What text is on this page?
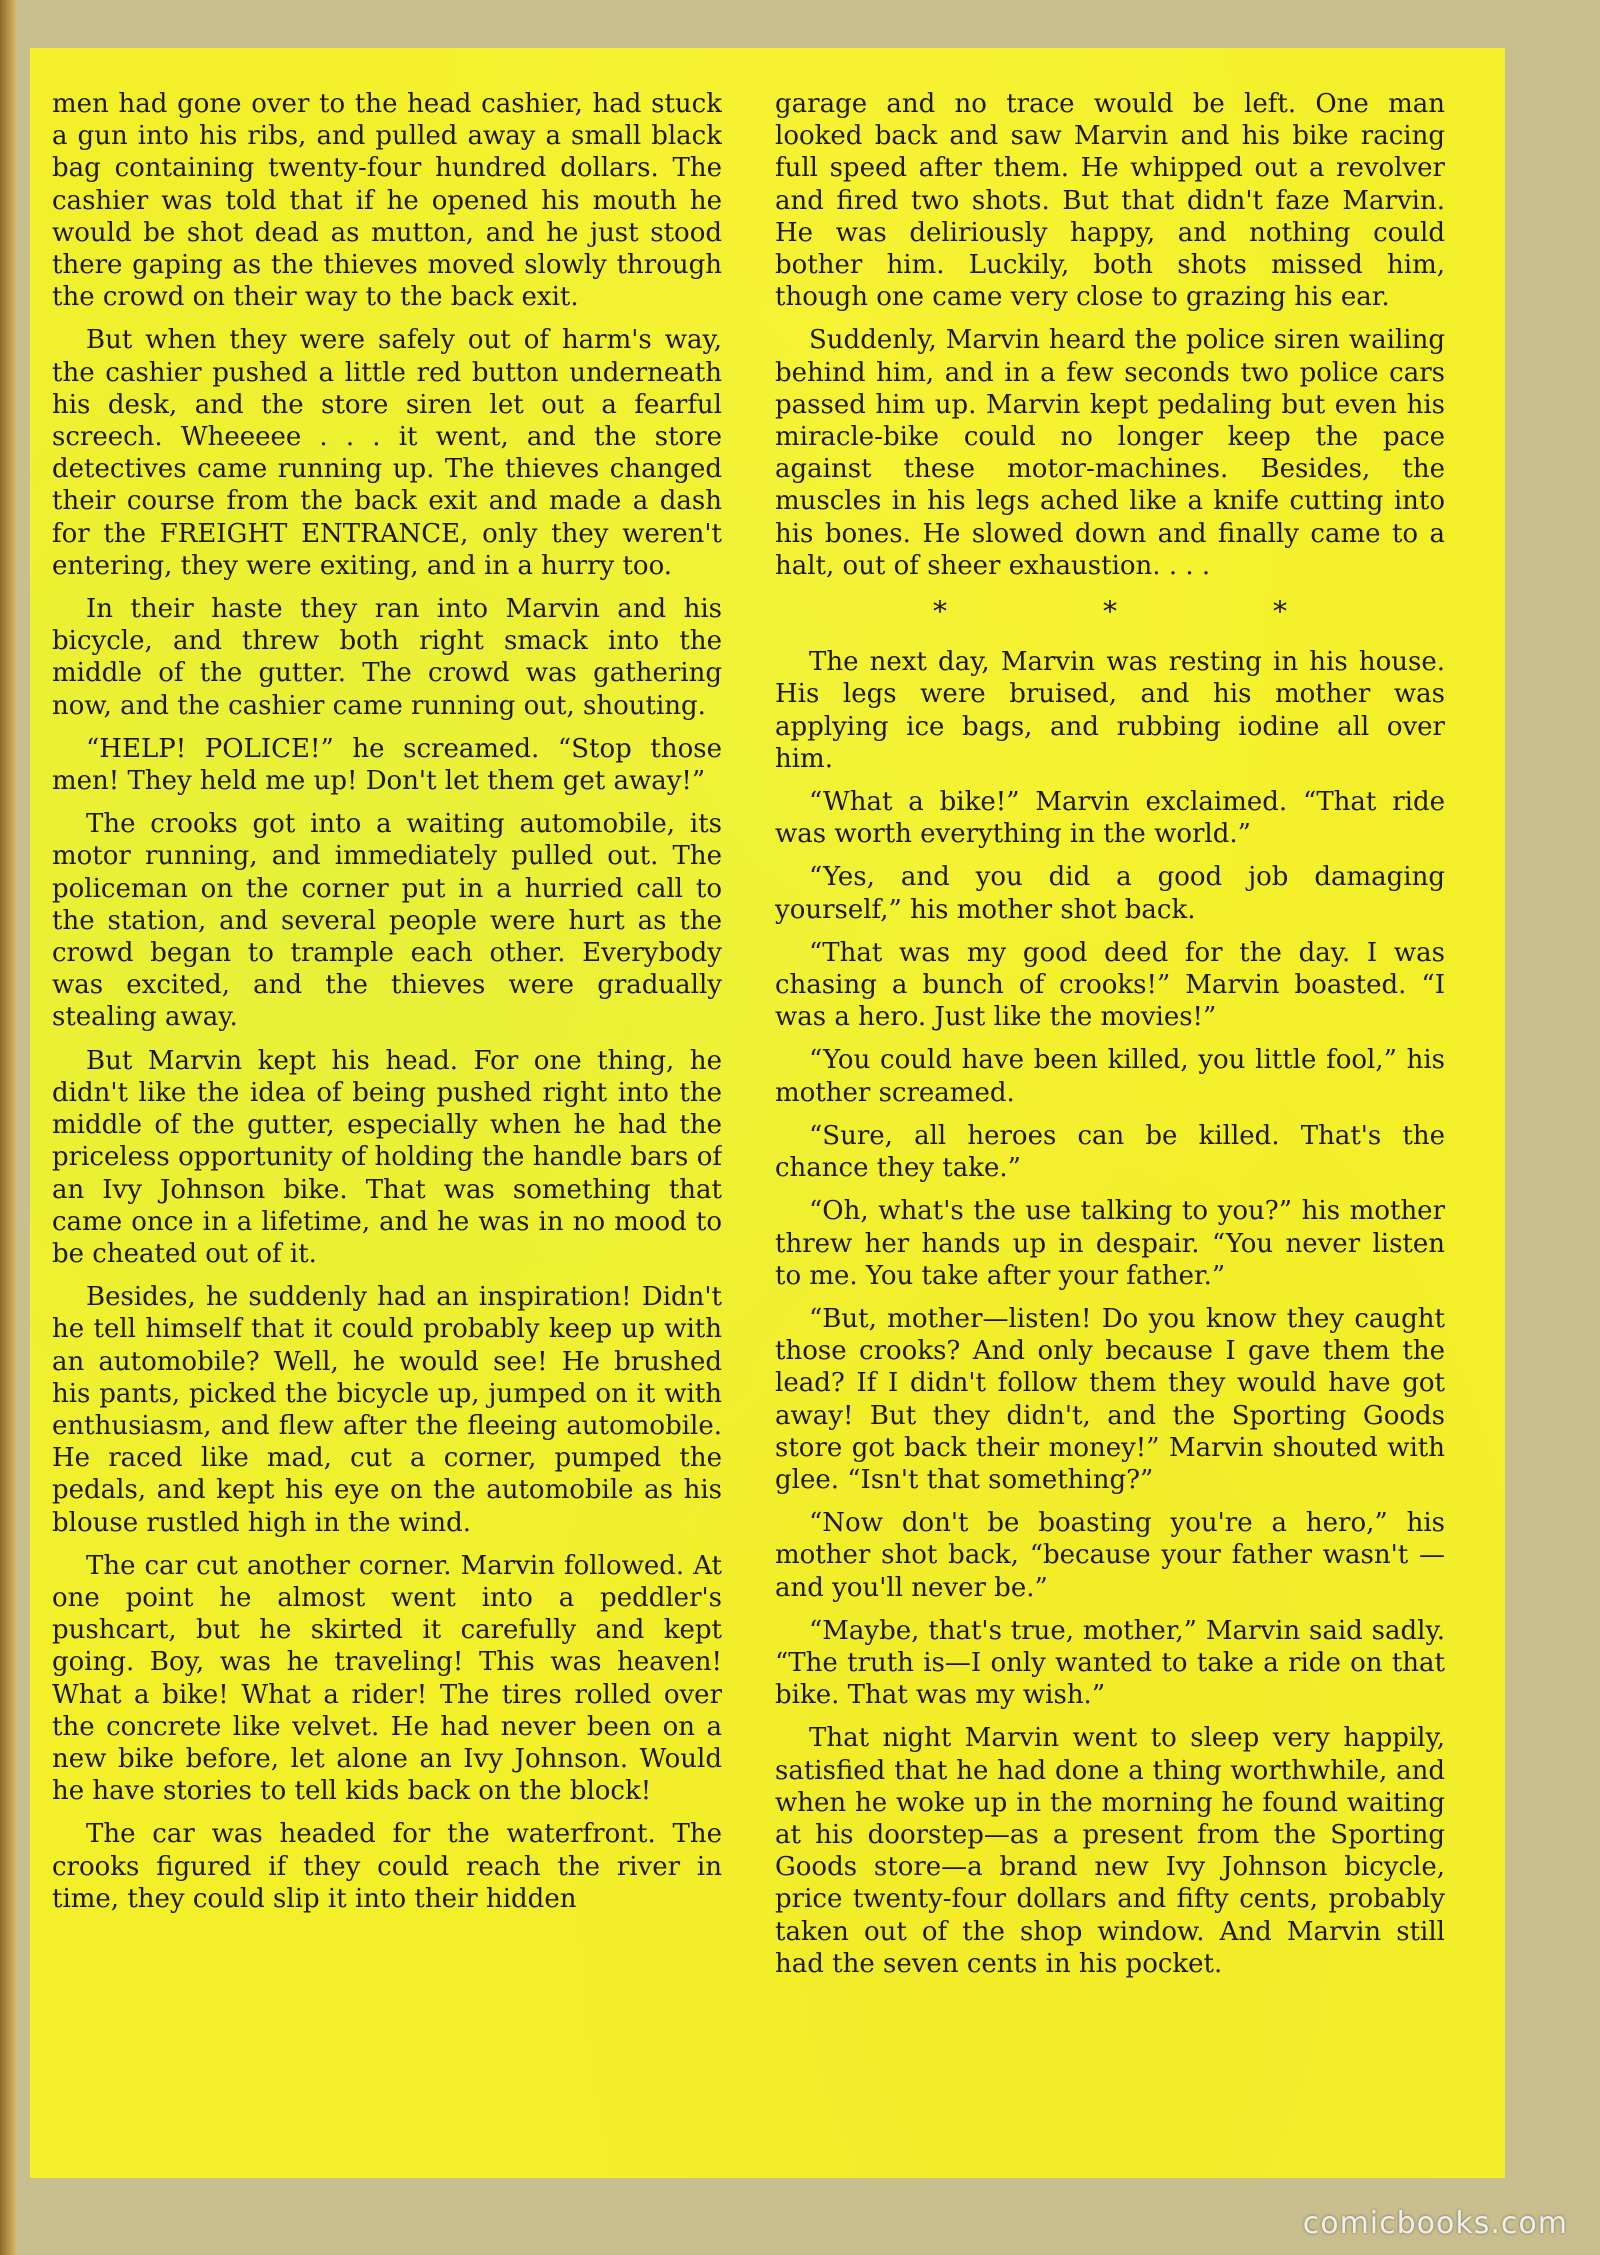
men had gone over to the head cashier, had stuck a gun into his ribs, and pulled away a small black bag containing twenty-four hundred dollars. The cashier was told that if he opened his mouth he would be shot dead as mutton, and he just stood there gaping as the thieves moved slowly through the crowd on their way to the back exit.

But when they were safely out of harm's way, the cashier pushed a little red button underneath his desk, and the store siren let out a fearful screech. Wheeeee . . . it went, and the store detectives came running up. The thieves changed their course from the back exit and made a dash for the FREIGHT ENTRANCE, only they weren't entering, they were exiting, and in a hurry too.

In their haste they ran into Marvin and his bicycle, and threw both right smack into the middle of the gutter. The crowd was gathering now, and the cashier came running out, shouting.

“HELP! POLICE!” he screamed. “Stop those men! They held me up! Don't let them get away!”

The crooks got into a waiting automobile, its motor running, and immediately pulled out. The policeman on the corner put in a hurried call to the station, and several people were hurt as the crowd began to trample each other. Everybody was excited, and the thieves were gradually stealing away.

But Marvin kept his head. For one thing, he didn't like the idea of being pushed right into the middle of the gutter, especially when he had the priceless opportunity of holding the handle bars of an Ivy Johnson bike. That was something that came once in a lifetime, and he was in no mood to be cheated out of it.

Besides, he suddenly had an inspiration! Didn't he tell himself that it could probably keep up with an automobile? Well, he would see! He brushed his pants, picked the bicycle up, jumped on it with enthusiasm, and flew after the fleeing automobile. He raced like mad, cut a corner, pumped the pedals, and kept his eye on the automobile as his blouse rustled high in the wind.

The car cut another corner. Marvin followed. At one point he almost went into a peddler's pushcart, but he skirted it carefully and kept going. Boy, was he traveling! This was heaven! What a bike! What a rider! The tires rolled over the concrete like velvet. He had never been on a new bike before, let alone an Ivy Johnson. Would he have stories to tell kids back on the block!

The car was headed for the waterfront. The crooks figured if they could reach the river in time, they could slip it into their hidden

garage and no trace would be left. One man looked back and saw Marvin and his bike racing full speed after them. He whipped out a revolver and fired two shots. But that didn't faze Marvin. He was deliriously happy, and nothing could bother him. Luckily, both shots missed him, though one came very close to grazing his ear.

Suddenly, Marvin heard the police siren wailing behind him, and in a few seconds two police cars passed him up. Marvin kept pedaling but even his miracle-bike could no longer keep the pace against these motor-machines. Besides, the muscles in his legs ached like a knife cutting into his bones. He slowed down and finally came to a halt, out of sheer exhaustion. . . .

*	*	*

The next day, Marvin was resting in his house. His legs were bruised, and his mother was applying ice bags, and rubbing iodine all over him.

“What a bike!” Marvin exclaimed. “That ride was worth everything in the world.”

“Yes, and you did a good job damaging yourself,” his mother shot back.

“That was my good deed for the day. I was chasing a bunch of crooks!” Marvin boasted. “I was a hero. Just like the movies!”

“You could have been killed, you little fool,” his mother screamed.

“Sure, all heroes can be killed. That's the chance they take.”

“Oh, what's the use talking to you?” his mother threw her hands up in despair. “You never listen to me. You take after your father.”

“But, mother—listen! Do you know they caught those crooks? And only because I gave them the lead? If I didn't follow them they would have got away! But they didn't, and the Sporting Goods store got back their money!” Marvin shouted with glee. “Isn't that something?”

“Now don't be boasting you're a hero,” his mother shot back, “because your father wasn't —and you'll never be.”

“Maybe, that's true, mother,” Marvin said sadly. “The truth is—I only wanted to take a ride on that bike. That was my wish.”

That night Marvin went to sleep very happily, satisfied that he had done a thing worthwhile, and when he woke up in the morning he found waiting at his doorstep—as a present from the Sporting Goods store—a brand new Ivy Johnson bicycle, price twenty-four dollars and fifty cents, probably taken out of the shop window. And Marvin still had the seven cents in his pocket.

comicbooks.com
